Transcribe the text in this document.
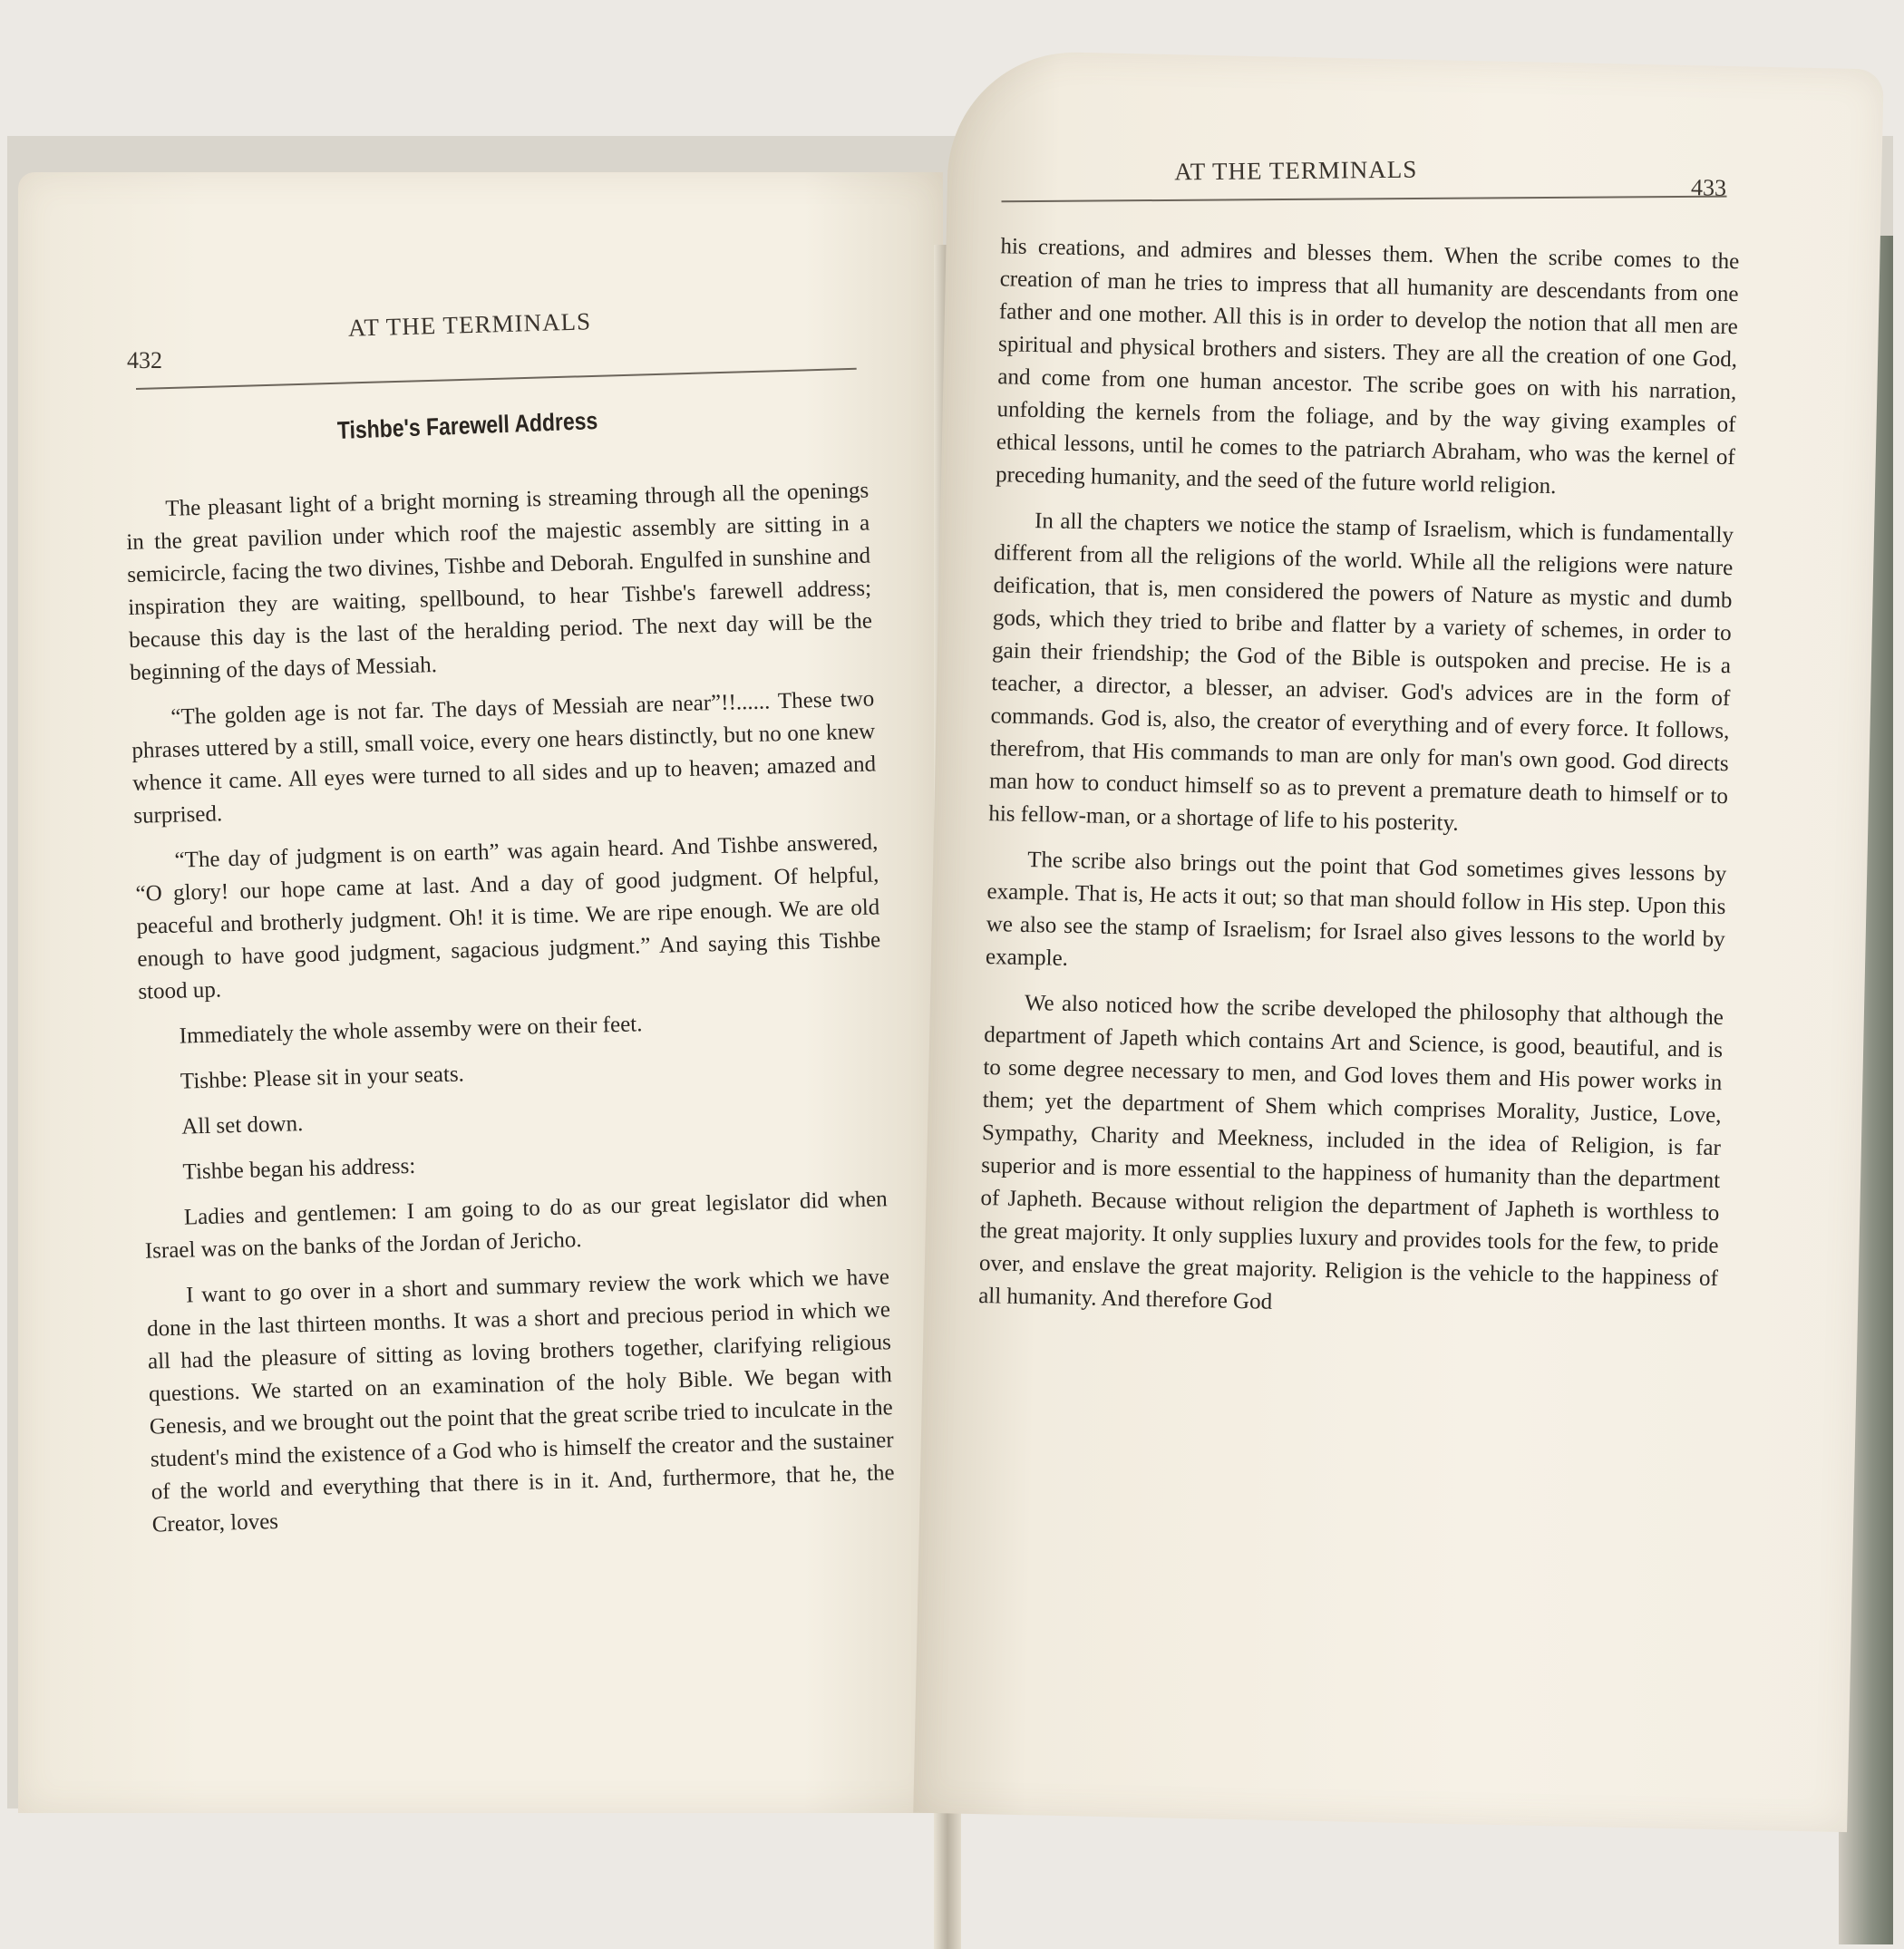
432
AT THE TERMINALS
Tishbe's Farewell Address

The pleasant light of a bright morning is streaming through all the openings in the great pavilion under which roof the majestic assembly are sitting in a semicircle, facing the two divines, Tishbe and Deborah. Engulfed in sunshine and inspiration they are waiting, spellbound, to hear Tishbe's farewell address; because this day is the last of the heralding period. The next day will be the beginning of the days of Messiah.

“The golden age is not far. The days of Messiah are near”!!...... These two phrases uttered by a still, small voice, every one hears distinctly, but no one knew whence it came. All eyes were turned to all sides and up to heaven; amazed and surprised.

“The day of judgment is on earth” was again heard. And Tishbe answered, “O glory! our hope came at last. And a day of good judgment. Of helpful, peaceful and brotherly judgment. Oh! it is time. We are ripe enough. We are old enough to have good judgment, sagacious judgment.” And saying this Tishbe stood up.

Immediately the whole assemby were on their feet.

Tishbe: Please sit in your seats.

All set down.

Tishbe began his address:

Ladies and gentlemen: I am going to do as our great legislator did when Israel was on the banks of the Jordan of Jericho.

I want to go over in a short and summary review the work which we have done in the last thirteen months. It was a short and precious period in which we all had the pleasure of sitting as loving brothers together, clarifying religious questions. We started on an examination of the holy Bible. We began with Genesis, and we brought out the point that the great scribe tried to inculcate in the student's mind the existence of a God who is himself the creator and the sustainer of the world and everything that there is in it. And, furthermore, that he, the Creator, loves

AT THE TERMINALS
433

his creations, and admires and blesses them. When the scribe comes to the creation of man he tries to impress that all humanity are descendants from one father and one mother. All this is in order to develop the notion that all men are spiritual and physical brothers and sisters. They are all the creation of one God, and come from one human ancestor. The scribe goes on with his narration, unfolding the kernels from the foliage, and by the way giving examples of ethical lessons, until he comes to the patriarch Abraham, who was the kernel of preceding humanity, and the seed of the future world religion.

In all the chapters we notice the stamp of Israelism, which is fundamentally different from all the religions of the world. While all the religions were nature deification, that is, men considered the powers of Nature as mystic and dumb gods, which they tried to bribe and flatter by a variety of schemes, in order to gain their friendship; the God of the Bible is outspoken and precise. He is a teacher, a director, a blesser, an adviser. God's advices are in the form of commands. God is, also, the creator of everything and of every force. It follows, therefrom, that His commands to man are only for man's own good. God directs man how to conduct himself so as to prevent a premature death to himself or to his fellow-man, or a shortage of life to his posterity.

The scribe also brings out the point that God sometimes gives lessons by example. That is, He acts it out; so that man should follow in His step. Upon this we also see the stamp of Israelism; for Israel also gives lessons to the world by example.

We also noticed how the scribe developed the philosophy that although the department of Japeth which contains Art and Science, is good, beautiful, and is to some degree necessary to men, and God loves them and His power works in them; yet the department of Shem which comprises Morality, Justice, Love, Sympathy, Charity and Meekness, included in the idea of Religion, is far superior and is more essential to the happiness of humanity than the department of Japheth. Because without religion the department of Japheth is worthless to the great majority. It only supplies luxury and provides tools for the few, to pride over, and enslave the great majority. Religion is the vehicle to the happiness of all humanity. And therefore God
